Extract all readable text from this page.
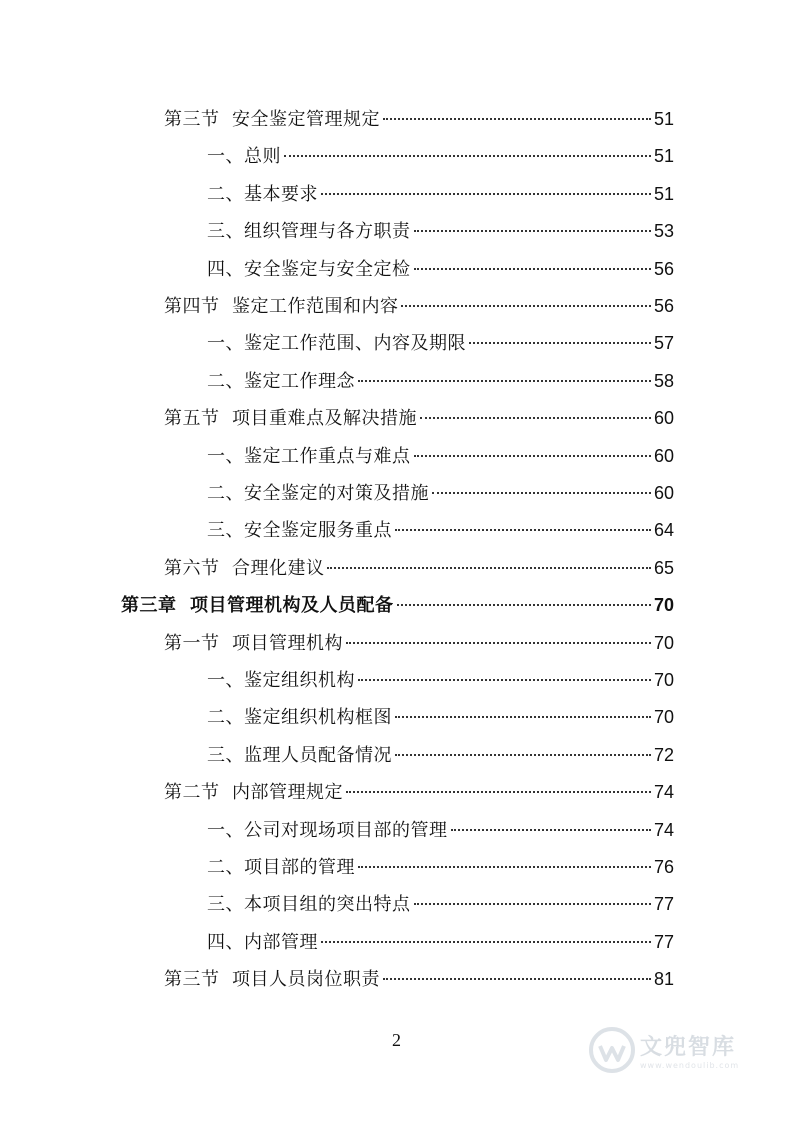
第三节  安全鉴定管理规定	51
一、总则	51
二、基本要求	51
三、组织管理与各方职责	53
四、安全鉴定与安全定检	56
第四节  鉴定工作范围和内容	56
一、鉴定工作范围、内容及期限	57
二、鉴定工作理念	58
第五节  项目重难点及解决措施	60
一、鉴定工作重点与难点	60
二、安全鉴定的对策及措施	60
三、安全鉴定服务重点	64
第六节  合理化建议	65
第三章  项目管理机构及人员配备	70
第一节  项目管理机构	70
一、鉴定组织机构	70
二、鉴定组织机构框图	70
三、监理人员配备情况	72
第二节  内部管理规定	74
一、公司对现场项目部的管理	74
二、项目部的管理	76
三、本项目组的突出特点	77
四、内部管理	77
第三节  项目人员岗位职责	81
2	文兜智库
www.wendoulib.com
